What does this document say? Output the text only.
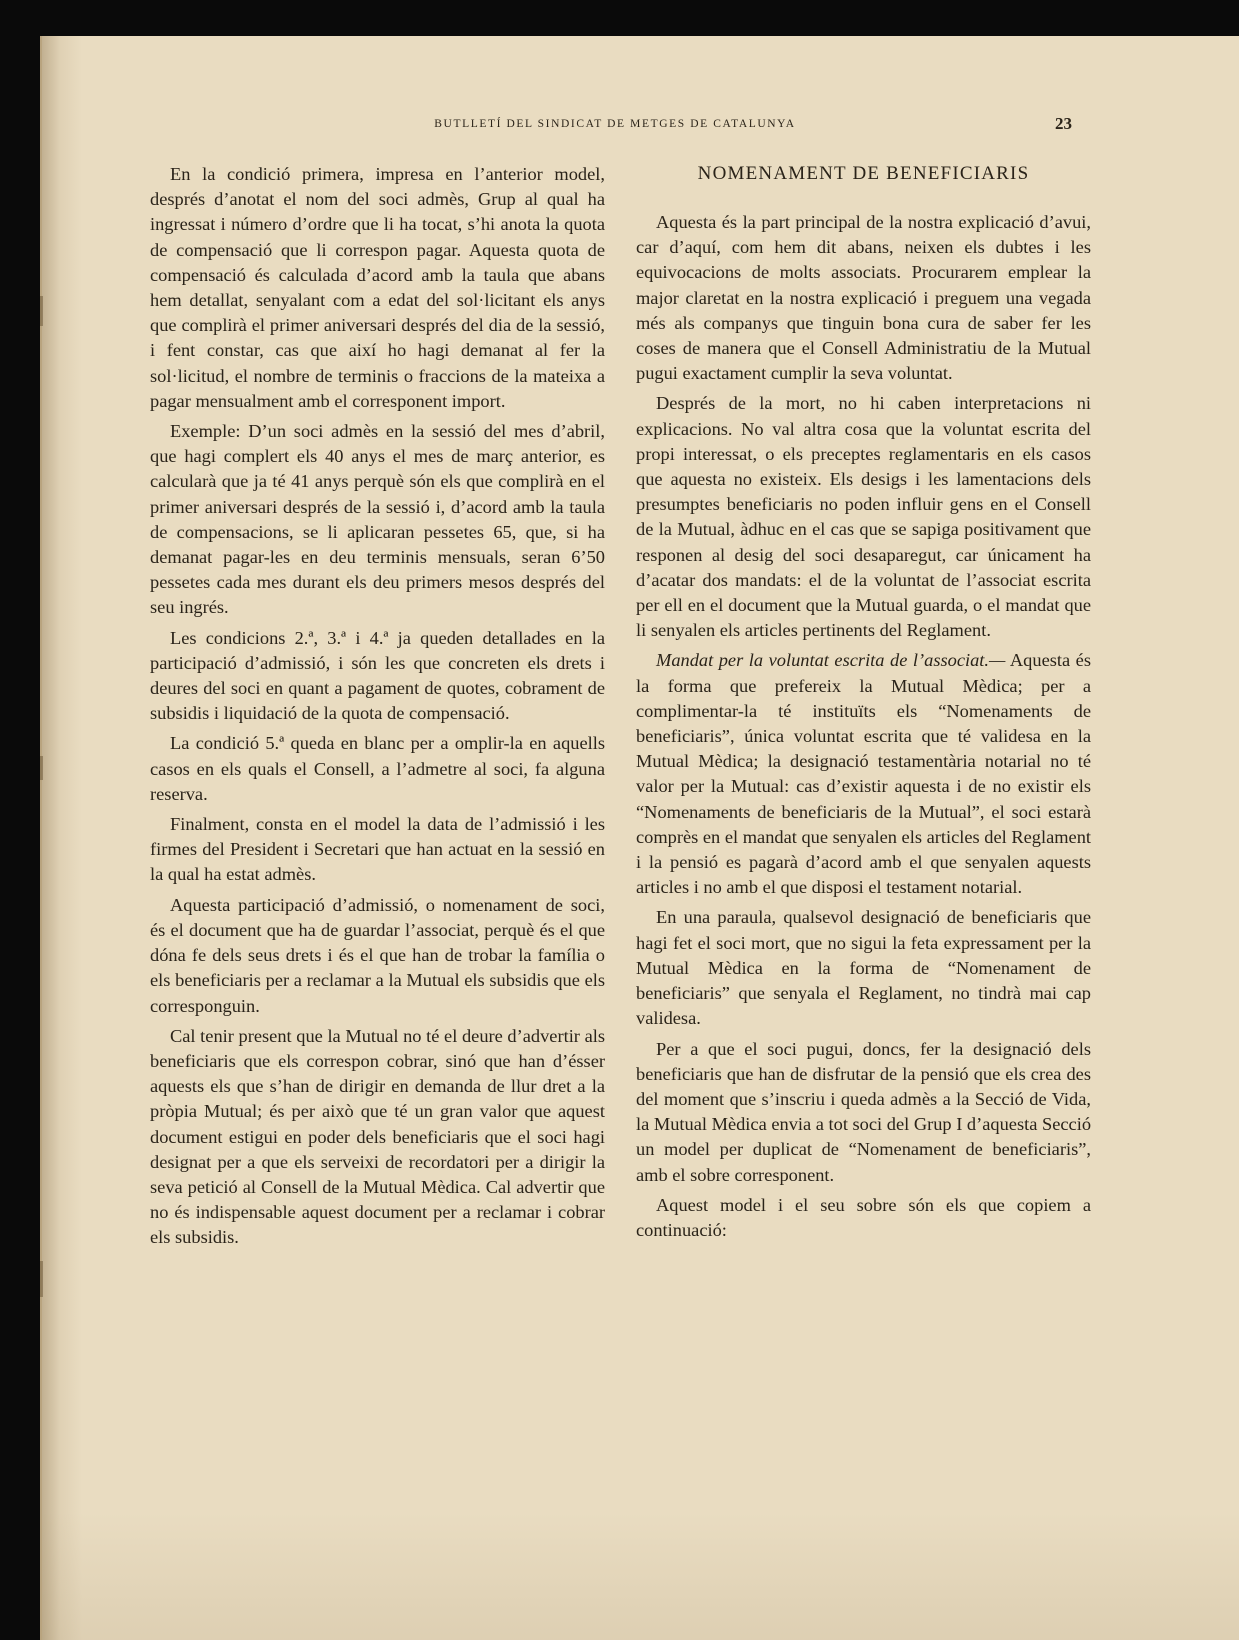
BUTLLETÍ DEL SINDICAT DE METGES DE CATALUNYA	23

En la condició primera, impresa en l’anterior model, després d’anotat el nom del soci admès, Grup al qual ha ingressat i número d’ordre que li ha tocat, s’hi anota la quota de compensació que li correspon pagar. Aquesta quota de compensació és calculada d’acord amb la taula que abans hem detallat, senyalant com a edat del sol·licitant els anys que complirà el primer aniversari després del dia de la sessió, i fent constar, cas que així ho hagi demanat al fer la sol·licitud, el nombre de terminis o fraccions de la mateixa a pagar mensualment amb el corresponent import.

Exemple: D’un soci admès en la sessió del mes d’abril, que hagi complert els 40 anys el mes de març anterior, es calcularà que ja té 41 anys perquè són els que complirà en el primer aniversari després de la sessió i, d’acord amb la taula de compensacions, se li aplicaran pessetes 65, que, si ha demanat pagar-les en deu terminis mensuals, seran 6’50 pessetes cada mes durant els deu primers mesos després del seu ingrés.

Les condicions 2.ª, 3.ª i 4.ª ja queden detallades en la participació d’admissió, i són les que concreten els drets i deures del soci en quant a pagament de quotes, cobrament de subsidis i liquidació de la quota de compensació.

La condició 5.ª queda en blanc per a omplir-la en aquells casos en els quals el Consell, a l’admetre al soci, fa alguna reserva.

Finalment, consta en el model la data de l’admissió i les firmes del President i Secretari que han actuat en la sessió en la qual ha estat admès.

Aquesta participació d’admissió, o nomenament de soci, és el document que ha de guardar l’associat, perquè és el que dóna fe dels seus drets i és el que han de trobar la família o els beneficiaris per a reclamar a la Mutual els subsidis que els corresponguin.

Cal tenir present que la Mutual no té el deure d’advertir als beneficiaris que els correspon cobrar, sinó que han d’ésser aquests els que s’han de dirigir en demanda de llur dret a la pròpia Mutual; és per això que té un gran valor que aquest document estigui en poder dels beneficiaris que el soci hagi designat per a que els serveixi de recordatori per a dirigir la seva petició al Consell de la Mutual Mèdica. Cal advertir que no és indispensable aquest document per a reclamar i cobrar els subsidis.

NOMENAMENT DE BENEFICIARIS

Aquesta és la part principal de la nostra explicació d’avui, car d’aquí, com hem dit abans, neixen els dubtes i les equivocacions de molts associats. Procurarem emplear la major claretat en la nostra explicació i preguem una vegada més als companys que tinguin bona cura de saber fer les coses de manera que el Consell Administratiu de la Mutual pugui exactament cumplir la seva voluntat.

Després de la mort, no hi caben interpretacions ni explicacions. No val altra cosa que la voluntat escrita del propi interessat, o els preceptes reglamentaris en els casos que aquesta no existeix. Els desigs i les lamentacions dels presumptes beneficiaris no poden influir gens en el Consell de la Mutual, àdhuc en el cas que se sapiga positivament que responen al desig del soci desaparegut, car únicament ha d’acatar dos mandats: el de la voluntat de l’associat escrita per ell en el document que la Mutual guarda, o el mandat que li senyalen els articles pertinents del Reglament.

Mandat per la voluntat escrita de l’associat.— Aquesta és la forma que prefereix la Mutual Mèdica; per a complimentar-la té instituïts els “Nomenaments de beneficiaris”, única voluntat escrita que té validesa en la Mutual Mèdica; la designació testamentària notarial no té valor per la Mutual: cas d’existir aquesta i de no existir els “Nomenaments de beneficiaris de la Mutual”, el soci estarà comprès en el mandat que senyalen els articles del Reglament i la pensió es pagarà d’acord amb el que senyalen aquests articles i no amb el que disposi el testament notarial.

En una paraula, qualsevol designació de beneficiaris que hagi fet el soci mort, que no sigui la feta expressament per la Mutual Mèdica en la forma de “Nomenament de beneficiaris” que senyala el Reglament, no tindrà mai cap validesa.

Per a que el soci pugui, doncs, fer la designació dels beneficiaris que han de disfrutar de la pensió que els crea des del moment que s’inscriu i queda admès a la Secció de Vida, la Mutual Mèdica envia a tot soci del Grup I d’aquesta Secció un model per duplicat de “Nomenament de beneficiaris”, amb el sobre corresponent.

Aquest model i el seu sobre són els que copiem a continuació:
